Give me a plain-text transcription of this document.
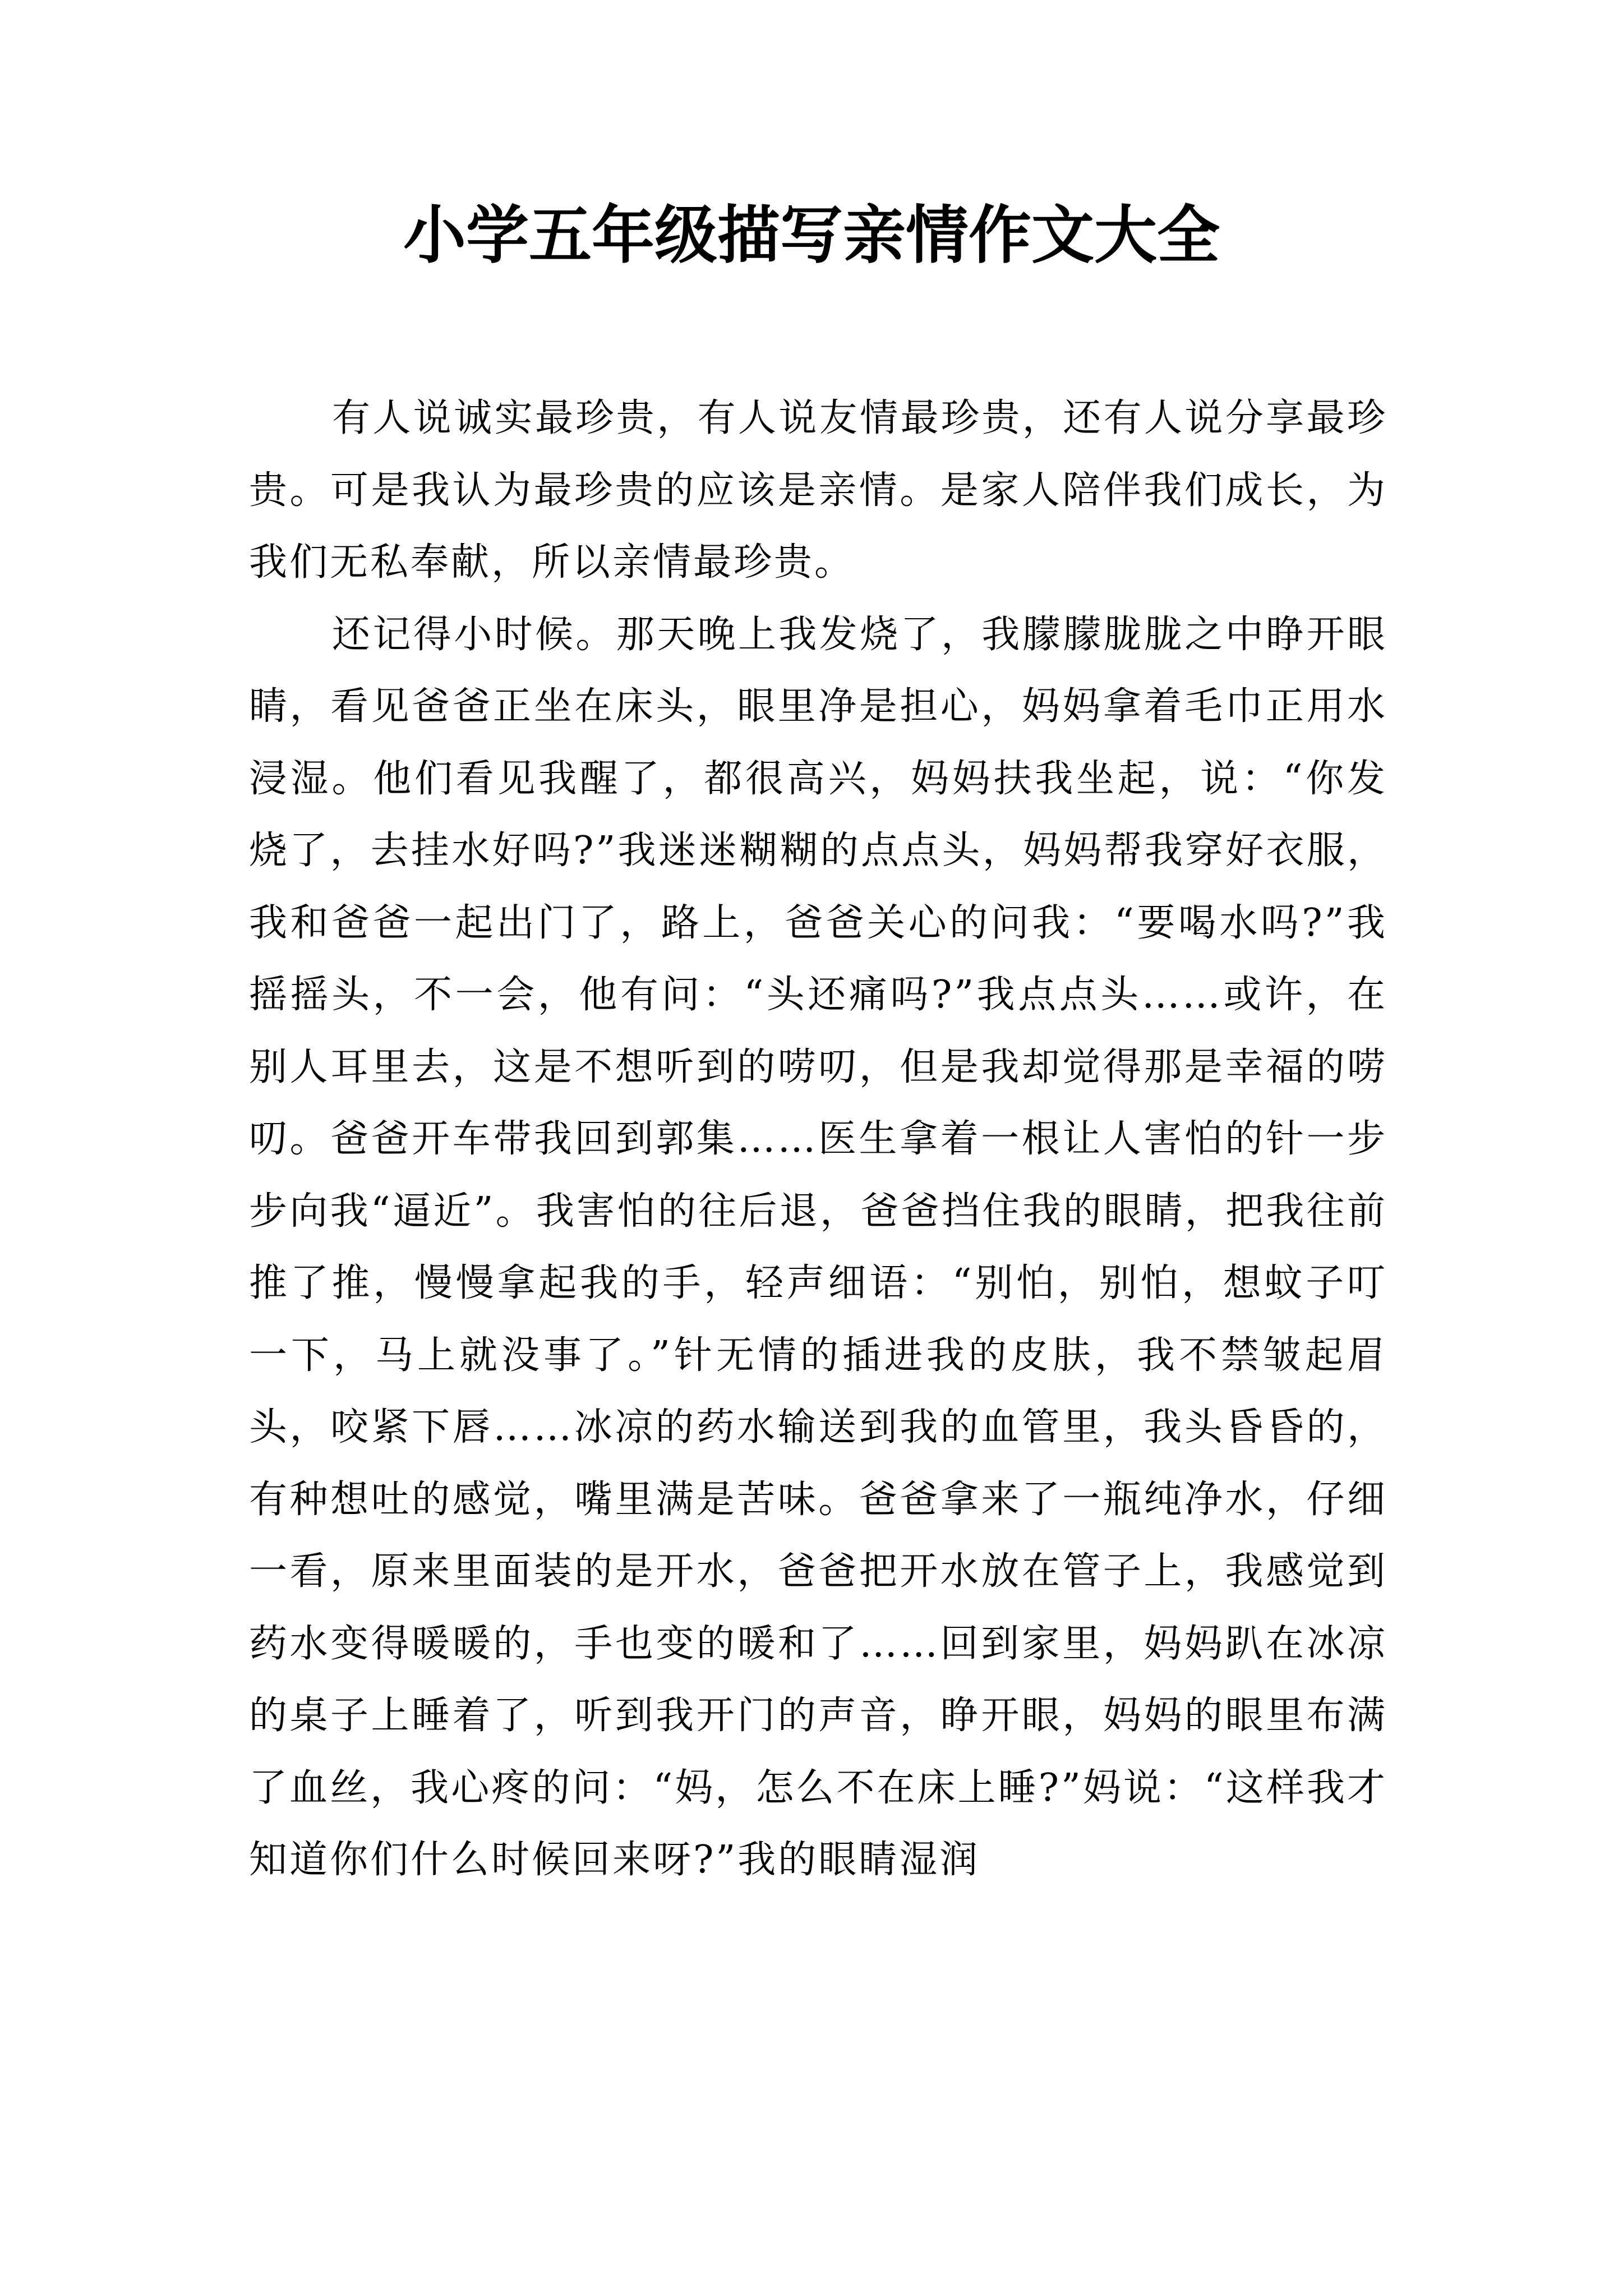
小学五年级描写亲情作文大全

有人说诚实最珍贵，有人说友情最珍贵，还有人说分享最珍贵。可是我认为最珍贵的应该是亲情。是家人陪伴我们成长，为我们无私奉献，所以亲情最珍贵。

还记得小时候。那天晚上我发烧了，我朦朦胧胧之中睁开眼睛，看见爸爸正坐在床头，眼里净是担心，妈妈拿着毛巾正用水浸湿。他们看见我醒了，都很高兴，妈妈扶我坐起，说：“你发烧了，去挂水好吗?”我迷迷糊糊的点点头，妈妈帮我穿好衣服，我和爸爸一起出门了，路上，爸爸关心的问我：“要喝水吗?”我摇摇头，不一会，他有问：“头还痛吗?”我点点头……或许，在别人耳里去，这是不想听到的唠叨，但是我却觉得那是幸福的唠叨。爸爸开车带我回到郭集……医生拿着一根让人害怕的针一步步向我“逼近”。我害怕的往后退，爸爸挡住我的眼睛，把我往前推了推，慢慢拿起我的手，轻声细语：“别怕，别怕，想蚊子叮一下，马上就没事了。”针无情的插进我的皮肤，我不禁皱起眉头，咬紧下唇……冰凉的药水输送到我的血管里，我头昏昏的，有种想吐的感觉，嘴里满是苦味。爸爸拿来了一瓶纯净水，仔细一看，原来里面装的是开水，爸爸把开水放在管子上，我感觉到药水变得暖暖的，手也变的暖和了……回到家里，妈妈趴在冰凉的桌子上睡着了，听到我开门的声音，睁开眼，妈妈的眼里布满了血丝，我心疼的问：“妈，怎么不在床上睡?”妈说：“这样我才知道你们什么时候回来呀?”我的眼睛湿润
